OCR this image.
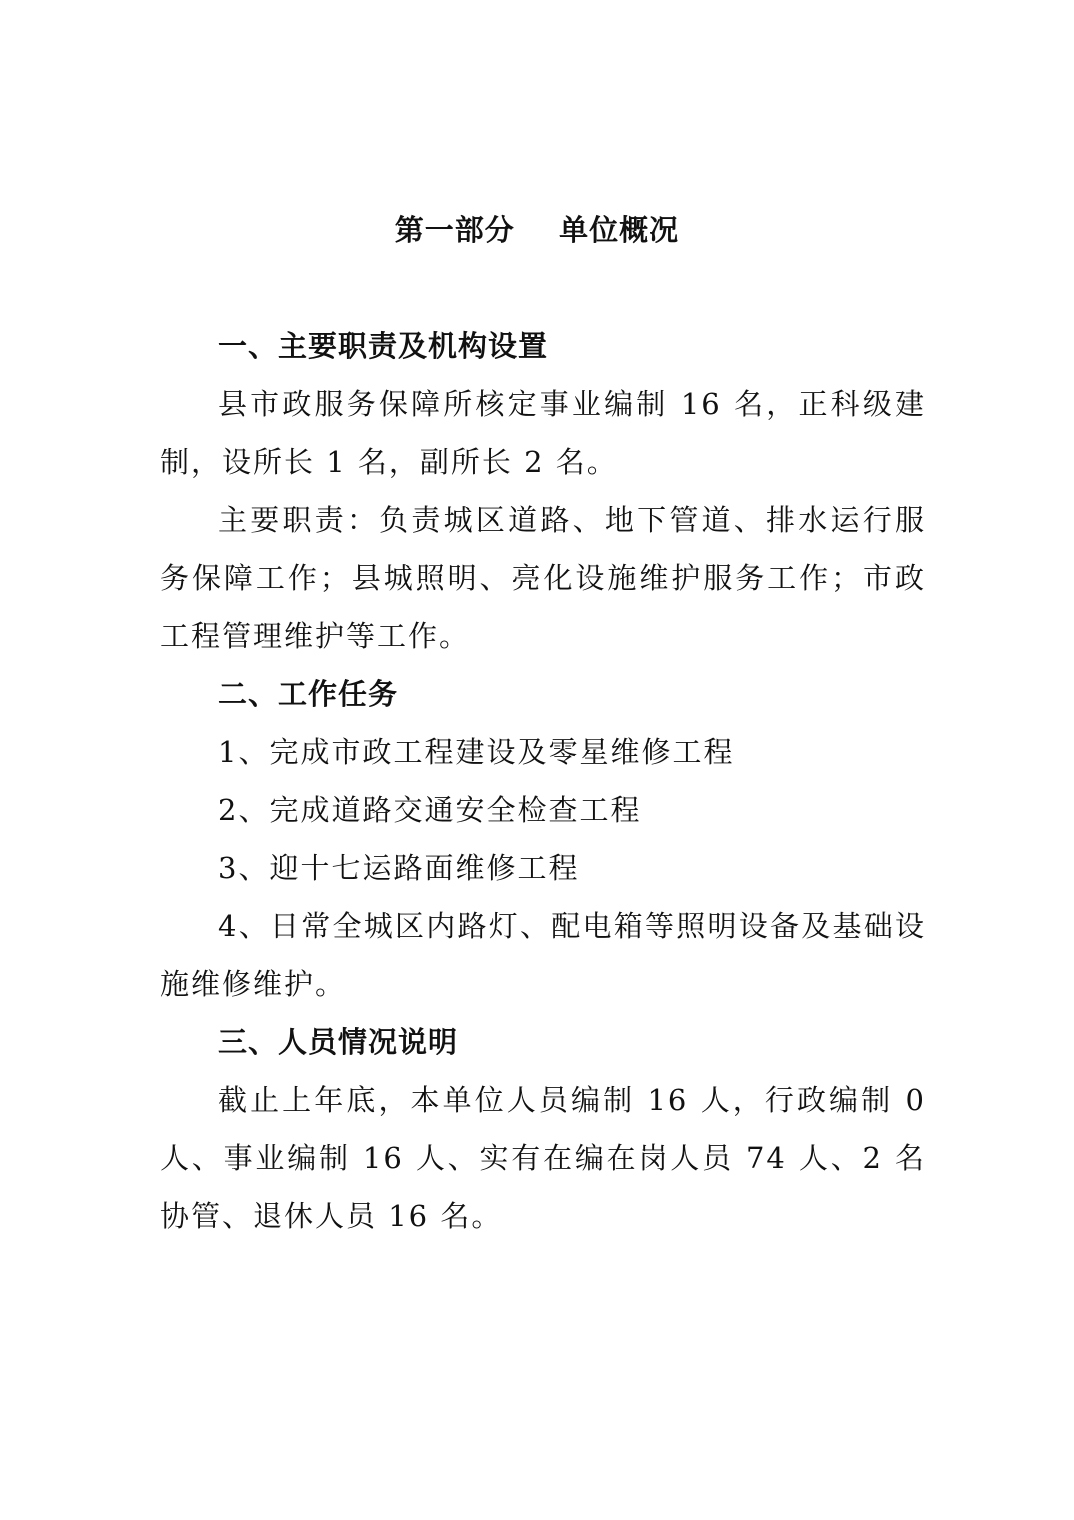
第一部分    单位概况

一、主要职责及机构设置

县市政服务保障所核定事业编制 16 名，正科级建制，设所长 1 名，副所长 2 名。

主要职责：负责城区道路、地下管道、排水运行服务保障工作；县城照明、亮化设施维护服务工作；市政工程管理维护等工作。

二、工作任务

1、完成市政工程建设及零星维修工程

2、完成道路交通安全检查工程

3、迎十七运路面维修工程

4、日常全城区内路灯、配电箱等照明设备及基础设施维修维护。

三、人员情况说明

截止上年底，本单位人员编制 16 人，行政编制 0 人、事业编制 16 人、实有在编在岗人员 74 人、2 名协管、退休人员 16 名。
